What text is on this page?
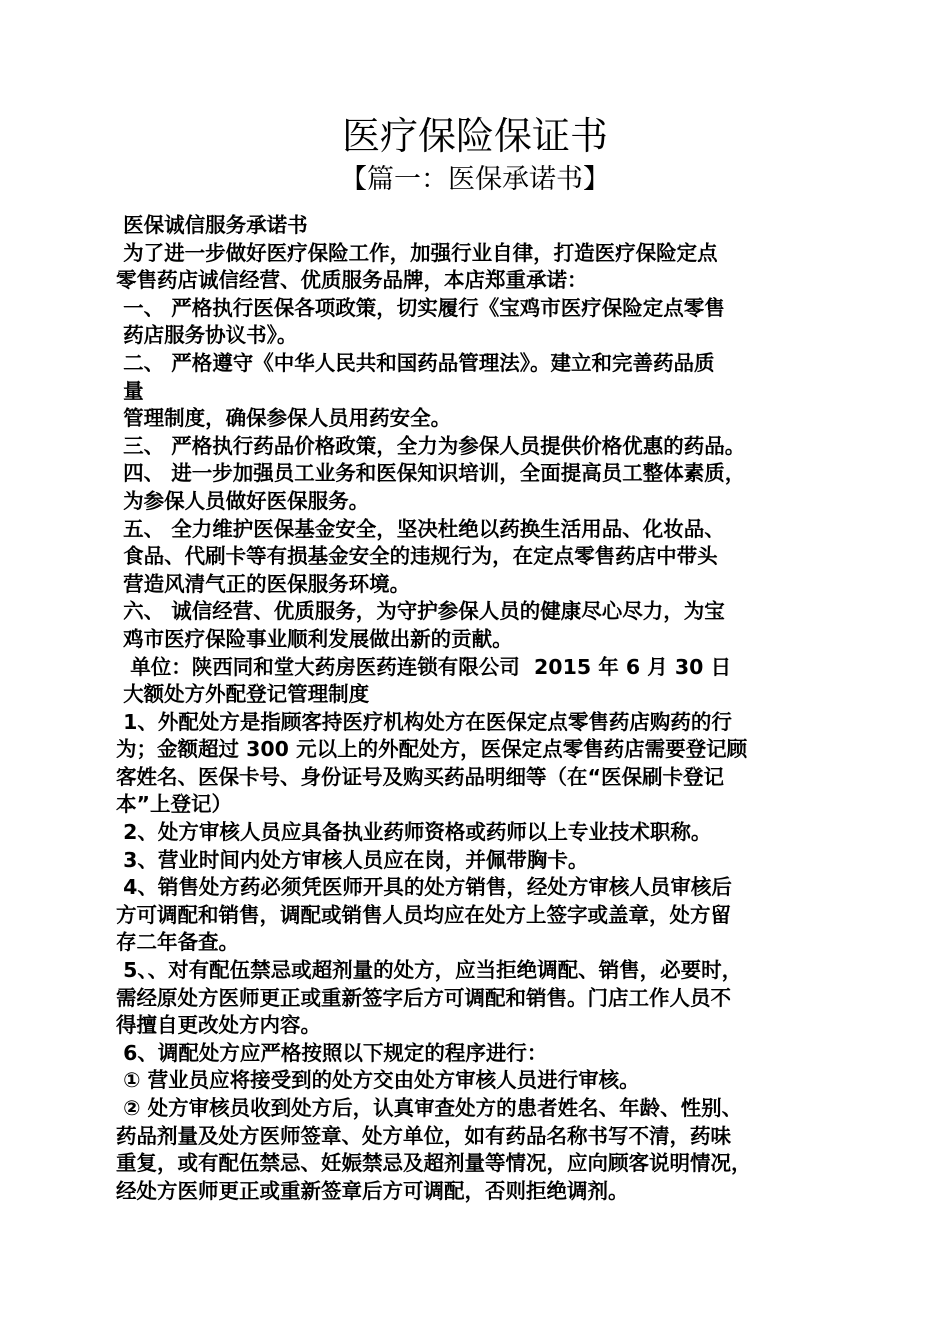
医疗保险保证书
【篇一：医保承诺书】
医保诚信服务承诺书
为了进一步做好医疗保险工作，加强行业自律，打造医疗保险定点
零售药店诚信经营、优质服务品牌，本店郑重承诺：
一、 严格执行医保各项政策，切实履行《宝鸡市医疗保险定点零售
药店服务协议书》。
二、 严格遵守《中华人民共和国药品管理法》。建立和完善药品质
量
管理制度，确保参保人员用药安全。
三、 严格执行药品价格政策，全力为参保人员提供价格优惠的药品。
四、 进一步加强员工业务和医保知识培训，全面提高员工整体素质，
为参保人员做好医保服务。
五、 全力维护医保基金安全，坚决杜绝以药换生活用品、化妆品、
食品、代刷卡等有损基金安全的违规行为，在定点零售药店中带头
营造风清气正的医保服务环境。
六、 诚信经营、优质服务，为守护参保人员的健康尽心尽力，为宝
鸡市医疗保险事业顺利发展做出新的贡献。
单位：陕西同和堂大药房医药连锁有限公司  2015 年 6 月 30 日
大额处方外配登记管理制度
1、外配处方是指顾客持医疗机构处方在医保定点零售药店购药的行
为；金额超过 300 元以上的外配处方，医保定点零售药店需要登记顾
客姓名、医保卡号、身份证号及购买药品明细等（在“医保刷卡登记
本”上登记）
2、处方审核人员应具备执业药师资格或药师以上专业技术职称。
3、营业时间内处方审核人员应在岗，并佩带胸卡。
4、销售处方药必须凭医师开具的处方销售，经处方审核人员审核后
方可调配和销售，调配或销售人员均应在处方上签字或盖章，处方留
存二年备查。
5、、对有配伍禁忌或超剂量的处方，应当拒绝调配、销售，必要时，
需经原处方医师更正或重新签字后方可调配和销售。门店工作人员不
得擅自更改处方内容。
6、调配处方应严格按照以下规定的程序进行：
① 营业员应将接受到的处方交由处方审核人员进行审核。
② 处方审核员收到处方后，认真审查处方的患者姓名、年龄、性别、
药品剂量及处方医师签章、处方单位，如有药品名称书写不清，药味
重复，或有配伍禁忌、妊娠禁忌及超剂量等情况，应向顾客说明情况，
经处方医师更正或重新签章后方可调配，否则拒绝调剂。
